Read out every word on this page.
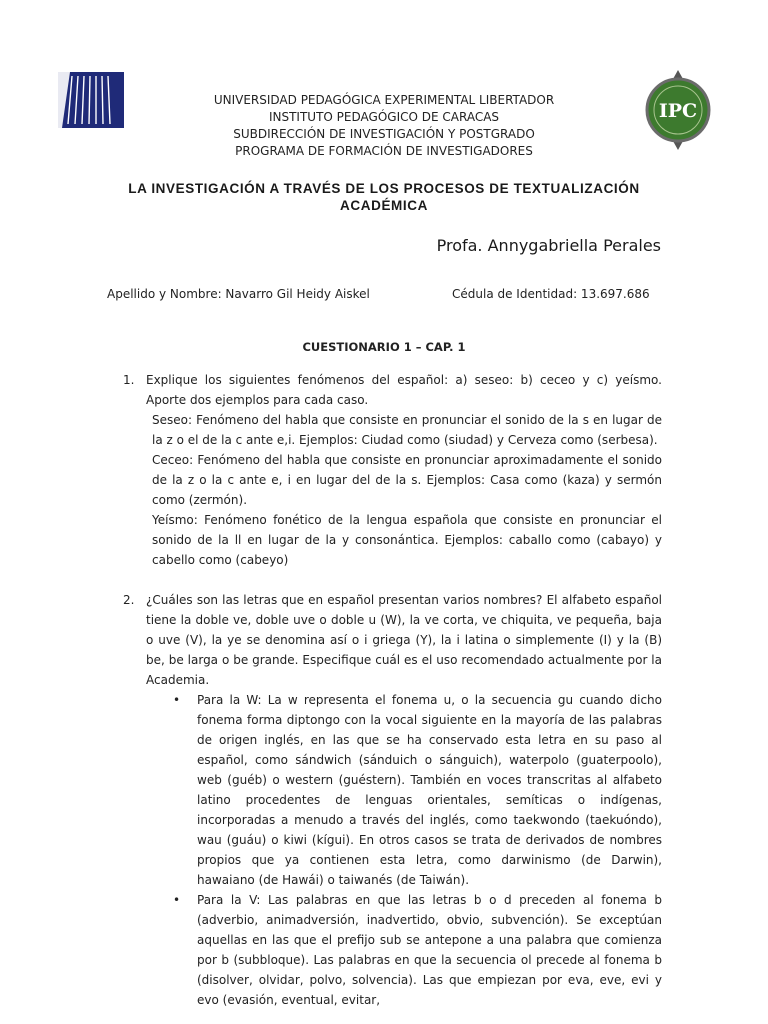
IPC
UNIVERSIDAD PEDAGÓGICA EXPERIMENTAL LIBERTADOR
INSTITUTO PEDAGÓGICO DE CARACAS
SUBDIRECCIÓN DE INVESTIGACIÓN Y POSTGRADO
PROGRAMA DE FORMACIÓN DE INVESTIGADORES
LA INVESTIGACIÓN A TRAVÉS DE LOS PROCESOS DE TEXTUALIZACIÓN ACADÉMICA
Profa. Annygabriella Perales
Apellido y Nombre: Navarro Gil Heidy Aiskel	Cédula de Identidad: 13.697.686
CUESTIONARIO 1 – CAP. 1
1. Explique los siguientes fenómenos del español: a) seseo: b) ceceo y c) yeísmo. Aporte dos ejemplos para cada caso.
Seseo: Fenómeno del habla que consiste en pronunciar el sonido de la s en lugar de la z o el de la c ante e,i. Ejemplos: Ciudad como (siudad) y Cerveza como (serbesa).
Ceceo: Fenómeno del habla que consiste en pronunciar aproximadamente el sonido de la z o la c ante e, i en lugar del de la s. Ejemplos: Casa como (kaza) y sermón como (zermón).
Yeísmo: Fenómeno fonético de la lengua española que consiste en pronunciar el sonido de la ll en lugar de la y consonántica. Ejemplos: caballo como (cabayo) y cabello como (cabeyo)
2. ¿Cuáles son las letras que en español presentan varios nombres? El alfabeto español tiene la doble ve, doble uve o doble u (W), la ve corta, ve chiquita, ve pequeña, baja o uve (V), la ye se denomina así o i griega (Y), la i latina o simplemente (I) y la (B) be, be larga o be grande. Especifique cuál es el uso recomendado actualmente por la Academia.
• Para la W: La w representa el fonema u, o la secuencia gu cuando dicho fonema forma diptongo con la vocal siguiente en la mayoría de las palabras de origen inglés, en las que se ha conservado esta letra en su paso al español, como sándwich (sánduich o sánguich), waterpolo (guaterpoolo), web (guéb) o western (guéstern). También en voces transcritas al alfabeto latino procedentes de lenguas orientales, semíticas o indígenas, incorporadas a menudo a través del inglés, como taekwondo (taekuóndo), wau (guáu) o kiwi (kígui). En otros casos se trata de derivados de nombres propios que ya contienen esta letra, como darwinismo (de Darwin), hawaiano (de Hawái) o taiwanés (de Taiwán).
• Para la V: Las palabras en que las letras b o d preceden al fonema b (adverbio, animadversión, inadvertido, obvio, subvención). Se exceptúan aquellas en las que el prefijo sub se antepone a una palabra que comienza por b (subbloque). Las palabras en que la secuencia ol precede al fonema b (disolver, olvidar, polvo, solvencia). Las que empiezan por eva, eve, evi y evo (evasión, eventual, evitar,
